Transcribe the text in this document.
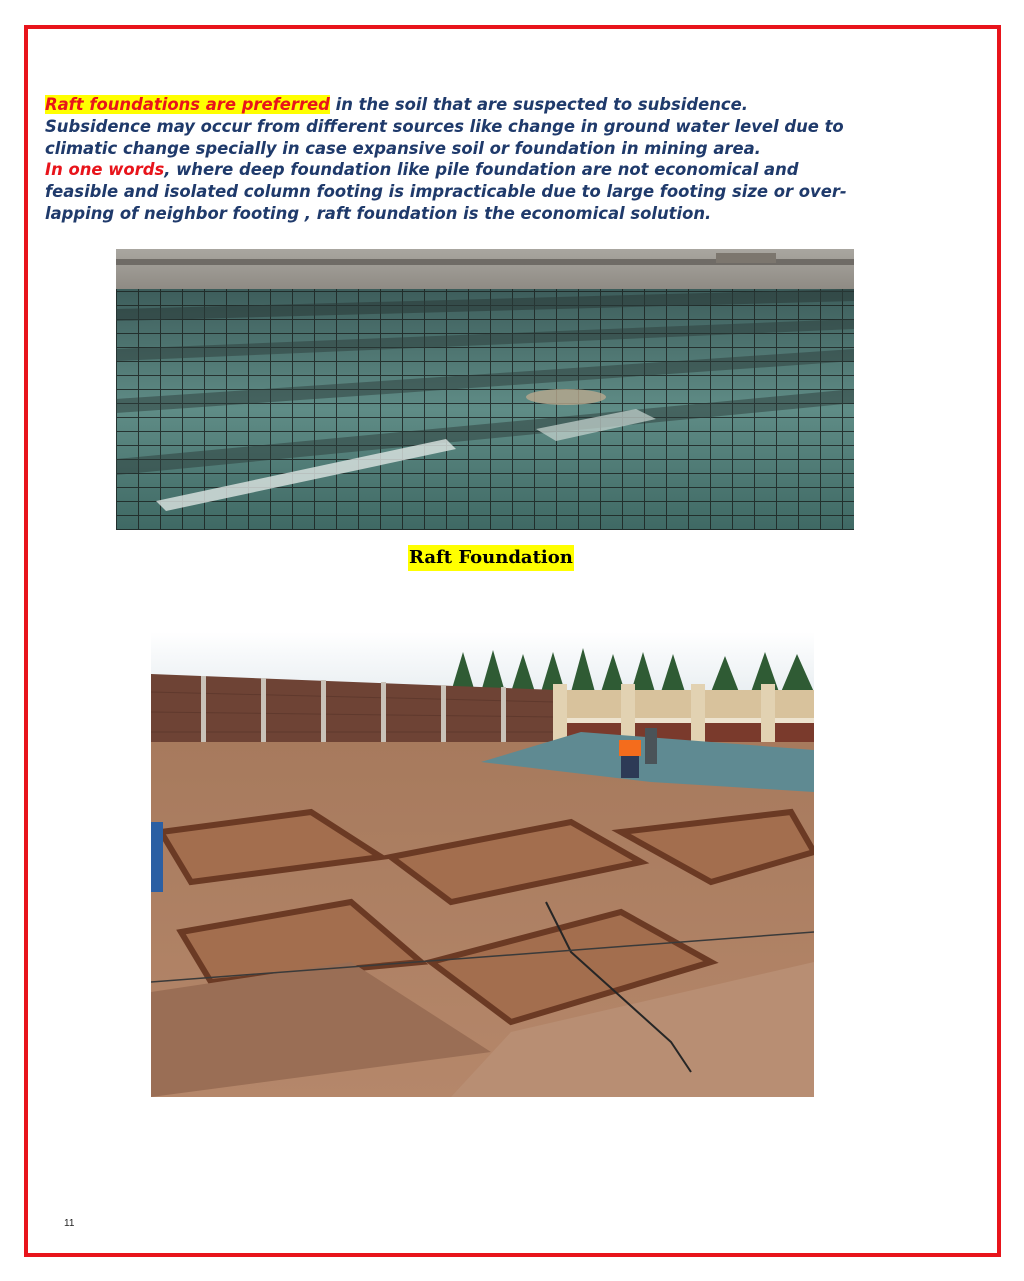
Raft foundations are preferred in the soil that are suspected to subsidence.
Subsidence may occur from different sources like change in ground water level due to
climatic change specially in case expansive soil or foundation in mining area.
In one words, where deep foundation like pile foundation are not economical and
feasible and isolated column footing is impracticable due to large footing size or over-
lapping of neighbor footing , raft foundation is the economical solution.
Raft Foundation
11
